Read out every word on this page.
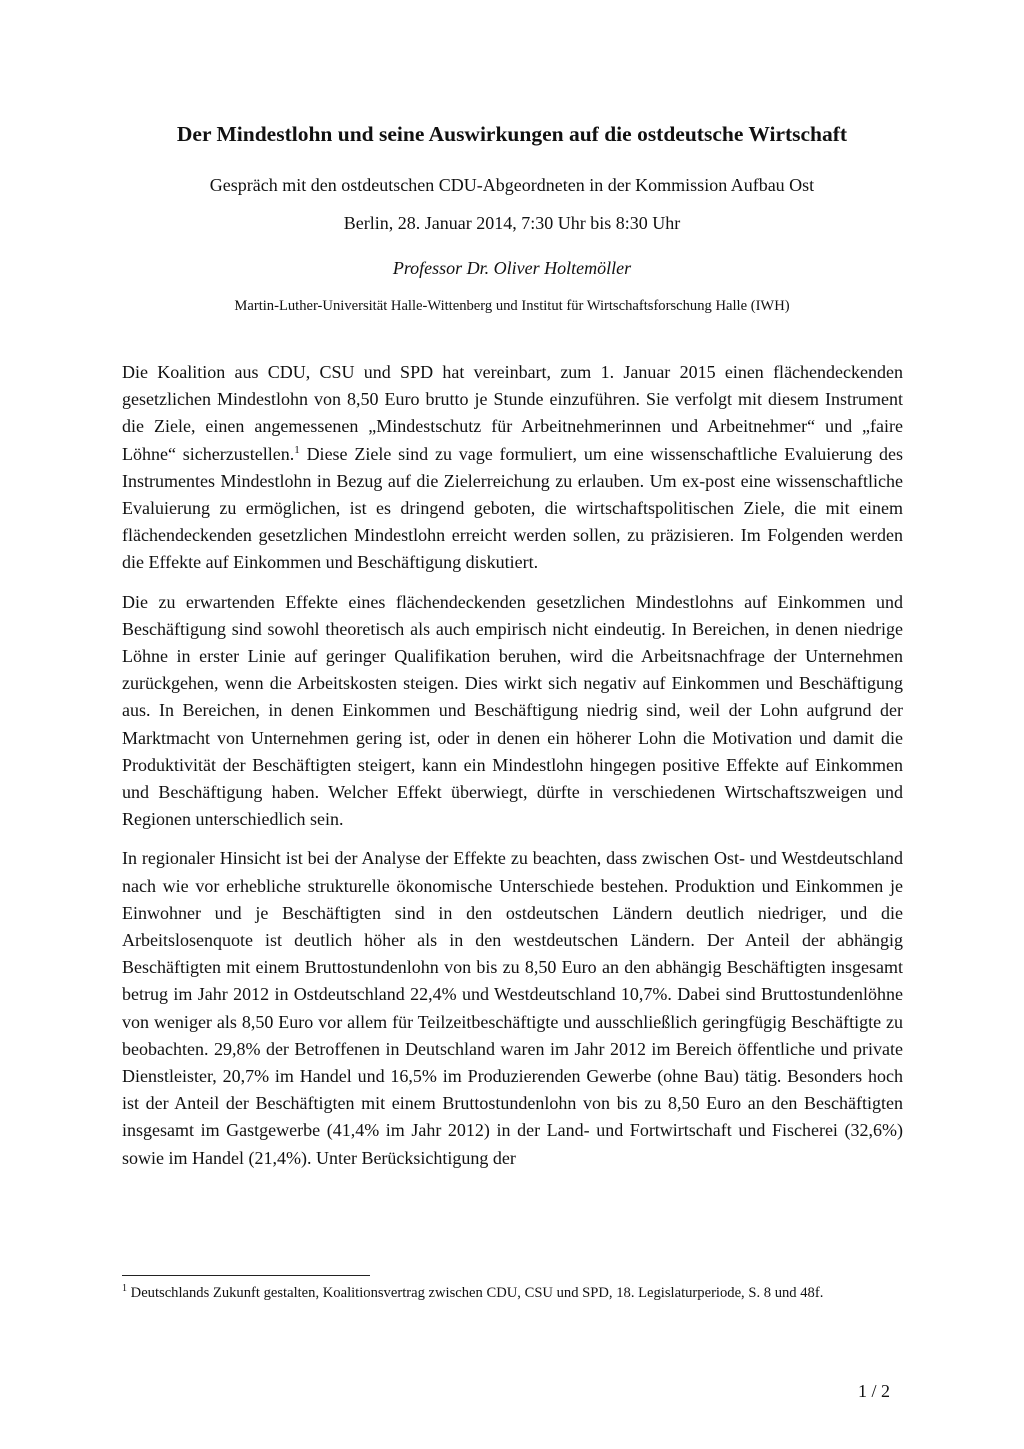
Der Mindestlohn und seine Auswirkungen auf die ostdeutsche Wirtschaft
Gespräch mit den ostdeutschen CDU-Abgeordneten in der Kommission Aufbau Ost
Berlin, 28. Januar 2014, 7:30 Uhr bis 8:30 Uhr
Professor Dr. Oliver Holtemöller
Martin-Luther-Universität Halle-Wittenberg und Institut für Wirtschaftsforschung Halle (IWH)

Die Koalition aus CDU, CSU und SPD hat vereinbart, zum 1. Januar 2015 einen flächendeckenden gesetzlichen Mindestlohn von 8,50 Euro brutto je Stunde einzuführen. Sie verfolgt mit diesem Instrument die Ziele, einen angemessenen „Mindestschutz für Arbeitnehmerinnen und Arbeitnehmer“ und „faire Löhne“ sicherzustellen.$^1$ Diese Ziele sind zu vage formuliert, um eine wissenschaftliche Evaluierung des Instrumentes Mindestlohn in Bezug auf die Zielerreichung zu erlauben. Um ex-post eine wissenschaftliche Evaluierung zu ermöglichen, ist es dringend geboten, die wirtschaftspolitischen Ziele, die mit einem flächendeckenden gesetzlichen Mindestlohn erreicht werden sollen, zu präzisieren. Im Folgenden werden die Effekte auf Einkommen und Beschäftigung diskutiert.

Die zu erwartenden Effekte eines flächendeckenden gesetzlichen Mindestlohns auf Einkommen und Beschäftigung sind sowohl theoretisch als auch empirisch nicht eindeutig. In Bereichen, in denen niedrige Löhne in erster Linie auf geringer Qualifikation beruhen, wird die Arbeitsnachfrage der Unternehmen zurückgehen, wenn die Arbeitskosten steigen. Dies wirkt sich negativ auf Einkommen und Beschäftigung aus. In Bereichen, in denen Einkommen und Beschäftigung niedrig sind, weil der Lohn aufgrund der Marktmacht von Unternehmen gering ist, oder in denen ein höherer Lohn die Motivation und damit die Produktivität der Beschäftigten steigert, kann ein Mindestlohn hingegen positive Effekte auf Einkommen und Beschäftigung haben. Welcher Effekt überwiegt, dürfte in verschiedenen Wirtschaftszweigen und Regionen unterschiedlich sein.

In regionaler Hinsicht ist bei der Analyse der Effekte zu beachten, dass zwischen Ost- und Westdeutschland nach wie vor erhebliche strukturelle ökonomische Unterschiede bestehen. Produktion und Einkommen je Einwohner und je Beschäftigten sind in den ostdeutschen Ländern deutlich niedriger, und die Arbeitslosenquote ist deutlich höher als in den westdeutschen Ländern. Der Anteil der abhängig Beschäftigten mit einem Bruttostundenlohn von bis zu 8,50 Euro an den abhängig Beschäftigten insgesamt betrug im Jahr 2012 in Ostdeutschland 22,4% und Westdeutschland 10,7%. Dabei sind Bruttostundenlöhne von weniger als 8,50 Euro vor allem für Teilzeitbeschäftigte und ausschließlich geringfügig Beschäftigte zu beobachten. 29,8% der Betroffenen in Deutschland waren im Jahr 2012 im Bereich öffentliche und private Dienstleister, 20,7% im Handel und 16,5% im Produzierenden Gewerbe (ohne Bau) tätig. Besonders hoch ist der Anteil der Beschäftigten mit einem Bruttostundenlohn von bis zu 8,50 Euro an den Beschäftigten insgesamt im Gastgewerbe (41,4% im Jahr 2012) in der Land- und Fortwirtschaft und Fischerei (32,6%) sowie im Handel (21,4%). Unter Berücksichtigung der

$^1$ Deutschlands Zukunft gestalten, Koalitionsvertrag zwischen CDU, CSU und SPD, 18. Legislaturperiode, S. 8 und 48f.
1 / 2
